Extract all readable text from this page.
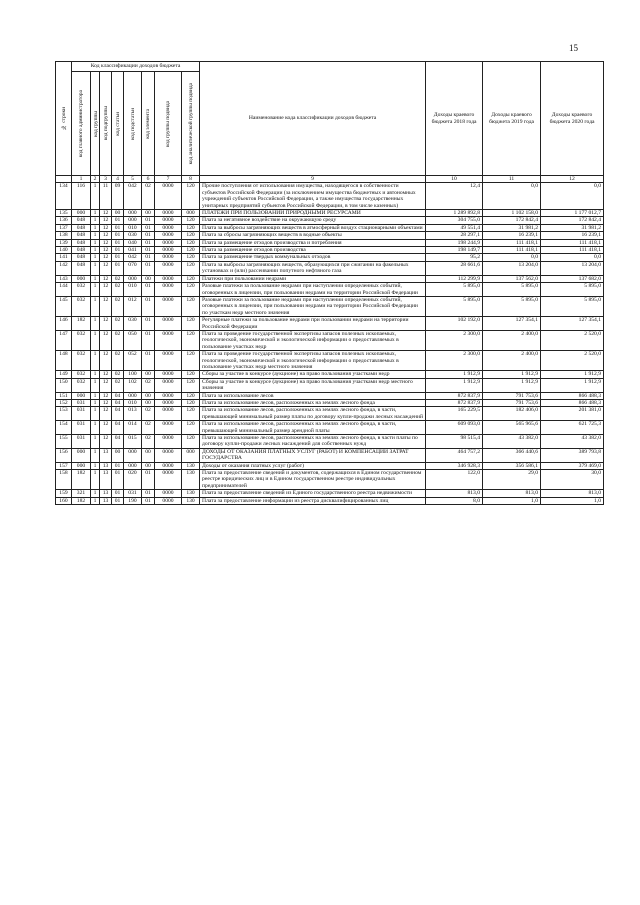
15
№ строки	Код классификации доходов бюджета								Наименование кода классификации доходов бюджета	Доходы краевого бюджета 2018 года	Доходы краевого бюджета 2019 года	Доходы краевого бюджета 2020 года

	код главного администратора	код группы	код подгруппы	код статьи	код подстатьи	код элемента	код группы подвида	код аналитической группы подвида				

	1	2	3	4	5	6	7	8	9	10	11	12
134	116	1	11	09	042	02	0000	120	Прочие поступления от использования имущества, находящегося в собственности субъектов Российской Федерации (за исключением имущества бюджетных и автономных учреждений субъектов Российской Федерации, а также имущества государственных унитарных предприятий субъектов Российской Федерации, в том числе казенных)	12,4	0,0	0,0
135	000	1	12	00	000	00	0000	000	ПЛАТЕЖИ ПРИ ПОЛЬЗОВАНИИ ПРИРОДНЫМИ РЕСУРСАМИ	1 289 892,8	1 102 158,0	1 177 012,7
136	048	1	12	01	000	01	0000	120	Плата за негативное воздействие на окружающую среду	304 755,0	172 842,4	172 842,4
137	048	1	12	01	010	01	0000	120	Плата за выбросы загрязняющих веществ в атмосферный воздух стационарными объектами	49 551,4	31 981,2	31 981,2
138	048	1	12	01	030	01	0000	120	Плата за сбросы загрязняющих веществ в водные объекты	28 297,1	16 239,1	16 239,1
139	048	1	12	01	040	01	0000	120	Плата за размещение отходов производства и потребления	198 244,9	111 418,1	111 418,1
140	048	1	12	01	041	01	0000	120	Плата за размещение отходов производства	198 149,7	111 418,1	111 418,1
141	048	1	12	01	042	01	0000	120	Плата за размещение твердых коммунальных отходов	95,2	0,0	0,0
142	048	1	12	01	070	01	0000	120	Плата за выбросы загрязняющих веществ, образующихся при сжигании на факельных установках и (или) рассеивании попутного нефтяного газа	28 661,6	13 204,0	13 204,0
143	000	1	12	02	000	00	0000	120	Платежи при пользовании недрами	112 299,9	137 562,0	137 682,0
144	032	1	12	02	010	01	0000	120	Разовые платежи за пользование недрами при наступлении определенных событий, оговоренных в лицензии, при пользовании недрами на территории Российской Федерации	5 895,0	5 895,0	5 895,0
145	032	1	12	02	012	01	0000	120	Разовые платежи за пользование недрами при наступлении определенных событий, оговоренных в лицензии, при пользовании недрами на территории Российской Федерации по участкам недр местного значения	5 895,0	5 895,0	5 895,0
146	182	1	12	02	030	01	0000	120	Регулярные платежи за пользование недрами при пользовании недрами на территории Российской Федерации	102 192,0	127 354,1	127 354,1
147	032	1	12	02	050	01	0000	120	Плата за проведение государственной экспертизы запасов полезных ископаемых, геологической, экономической и экологической информации о предоставляемых в пользование участках недр	2 300,0	2 400,0	2 520,0
148	032	1	12	02	052	01	0000	120	Плата за проведение государственной экспертизы запасов полезных ископаемых, геологической, экономической и экологической информации о предоставляемых в пользование участках недр местного значения	2 300,0	2 400,0	2 520,0
149	032	1	12	02	100	00	0000	120	Сборы за участие в конкурсе (аукционе) на право пользования участками недр	1 912,9	1 912,9	1 912,9
150	032	1	12	02	102	02	0000	120	Сборы за участие в конкурсе (аукционе) на право пользования участками недр местного значения	1 912,9	1 912,9	1 912,9
151	000	1	12	04	000	00	0000	120	Плата за использование лесов	872 837,9	791 753,6	866 488,3
152	031	1	12	04	010	00	0000	120	Плата за использование лесов, расположенных на землях лесного фонда	872 837,9	791 753,6	866 488,3
153	031	1	12	04	013	02	0000	120	Плата за использование лесов, расположенных на землях лесного фонда, в части, превышающей минимальный размер платы по договору купли-продажи лесных насаждений	165 229,5	182 406,0	201 381,0
154	031	1	12	04	014	02	0000	120	Плата за использование лесов, расположенных на землях лесного фонда, в части, превышающей минимальный размер арендной платы	609 093,0	565 965,6	621 725,3
155	031	1	12	04	015	02	0000	120	Плата за использование лесов, расположенных на землях лесного фонда, в части платы по договору купли-продажи лесных насаждений для собственных нужд	98 515,4	43 382,0	43 382,0
156	000	1	13	00	000	00	0000	000	ДОХОДЫ ОТ ОКАЗАНИЯ ПЛАТНЫХ УСЛУГ (РАБОТ) И КОМПЕНСАЦИИ ЗАТРАТ ГОСУДАРСТВА	464 757,2	366 440,6	389 793,8
157	000	1	13	01	000	00	0000	130	Доходы от оказания платных услуг (работ)	346 928,3	356 586,1	379 469,0
158	182	1	13	01	020	01	0000	130	Плата за предоставление сведений и документов, содержащихся в Едином государственном реестре юридических лиц и в Едином государственном реестре индивидуальных предпринимателей	122,0	29,0	30,0
159	321	1	13	01	031	01	0000	130	Плата за предоставление сведений из Единого государственного реестра недвижимости	813,0	813,0	813,0
160	182	1	13	01	190	01	0000	130	Плата за предоставление информации из реестра дисквалифицированных лиц	8,0	1,0	1,0
